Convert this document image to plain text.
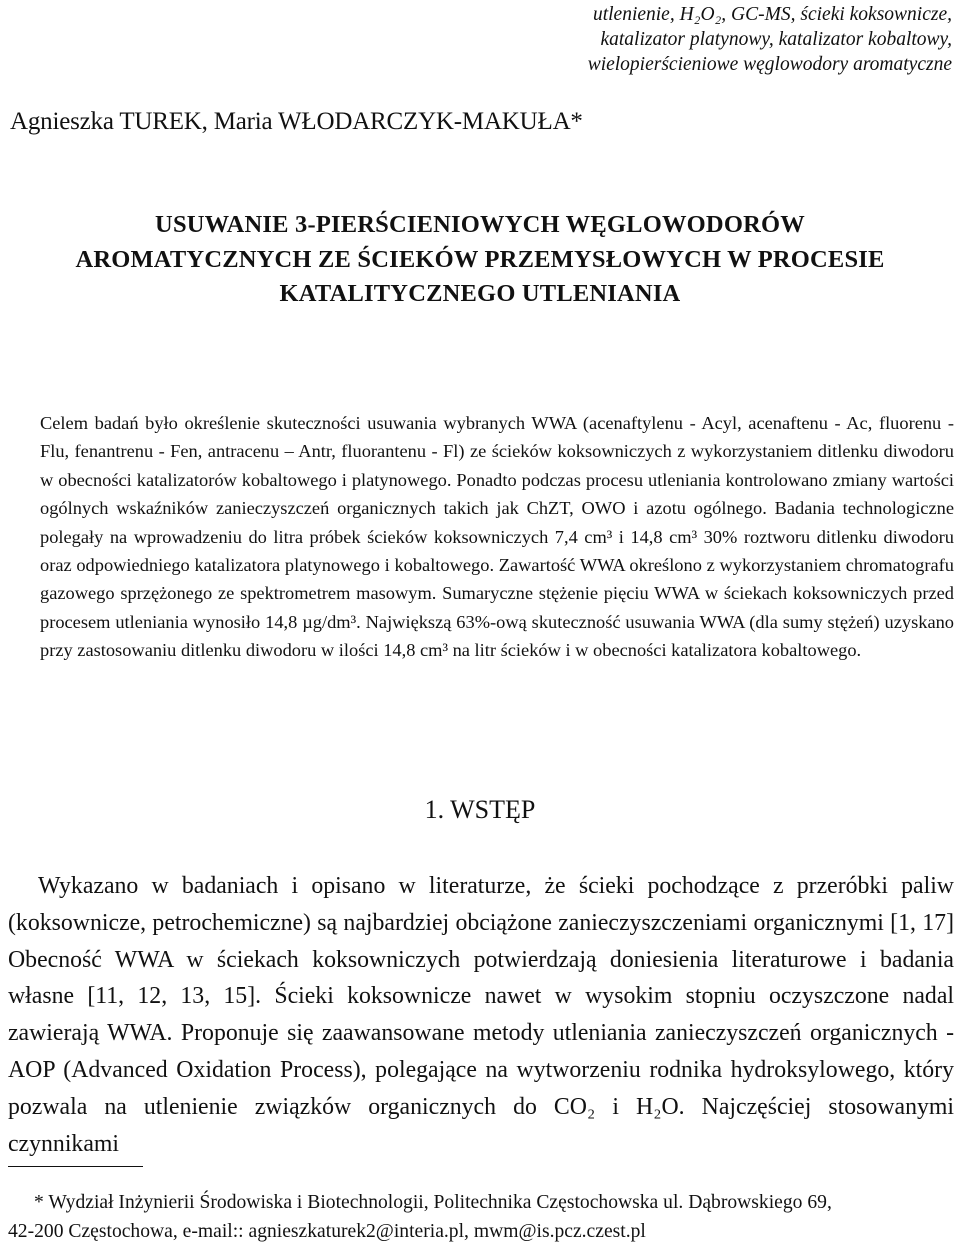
utlenienie, H₂O₂, GC-MS, ścieki koksownicze,
katalizator platynowy, katalizator kobaltowy,
wielopierścieniowe węglowodory aromatyczne
Agnieszka TUREK, Maria WŁODARCZYK-MAKUŁA*
USUWANIE 3-PIERŚCIENIOWYCH WĘGLOWODORÓW
AROMATYCZNYCH ZE ŚCIEKÓW PRZEMYSŁOWYCH W PROCESIE
KATALITYCZNEGO UTLENIANIA

Celem badań było określenie skuteczności usuwania wybranych WWA (acenaftylenu - Acyl, acenaftenu - Ac, fluorenu - Flu, fenantrenu - Fen, antracenu – Antr, fluorantenu - Fl) ze ścieków koksowniczych z wykorzystaniem ditlenku diwodoru w obecności katalizatorów kobaltowego i platynowego. Ponadto podczas procesu utleniania kontrolowano zmiany wartości ogólnych wskaźników zanieczyszczeń organicznych takich jak ChZT, OWO i azotu ogólnego. Badania technologiczne polegały na wprowadzeniu do litra próbek ścieków koksowniczych 7,4 cm³ i 14,8 cm³ 30% roztworu ditlenku diwodoru oraz odpowiedniego katalizatora platynowego i kobaltowego. Zawartość WWA określono z wykorzystaniem chromatografu gazowego sprzężonego ze spektrometrem masowym. Sumaryczne stężenie pięciu WWA w ściekach koksowniczych przed procesem utleniania wynosiło 14,8 µg/dm³. Największą 63%-ową skuteczność usuwania WWA (dla sumy stężeń) uzyskano przy zastosowaniu ditlenku diwodoru w ilości 14,8 cm³ na litr ścieków i w obecności katalizatora kobaltowego.

1. WSTĘP

Wykazano w badaniach i opisano w literaturze, że ścieki pochodzące z przeróbki paliw (koksownicze, petrochemiczne) są najbardziej obciążone zanieczyszczeniami organicznymi [1, 17] Obecność WWA w ściekach koksowniczych potwierdzają doniesienia literaturowe i badania własne [11, 12, 13, 15]. Ścieki koksownicze nawet w wysokim stopniu oczyszczone nadal zawierają WWA. Proponuje się zaawansowane metody utleniania zanieczyszczeń organicznych - AOP (Advanced Oxidation Process), polegające na wytworzeniu rodnika hydroksylowego, który pozwala na utlenienie związków organicznych do CO₂ i H₂O. Najczęściej stosowanymi czynnikami

* Wydział Inżynierii Środowiska i Biotechnologii, Politechnika Częstochowska ul. Dąbrowskiego 69,
42-200 Częstochowa, e-mail:: agnieszkaturek2@interia.pl, mwm@is.pcz.czest.pl
